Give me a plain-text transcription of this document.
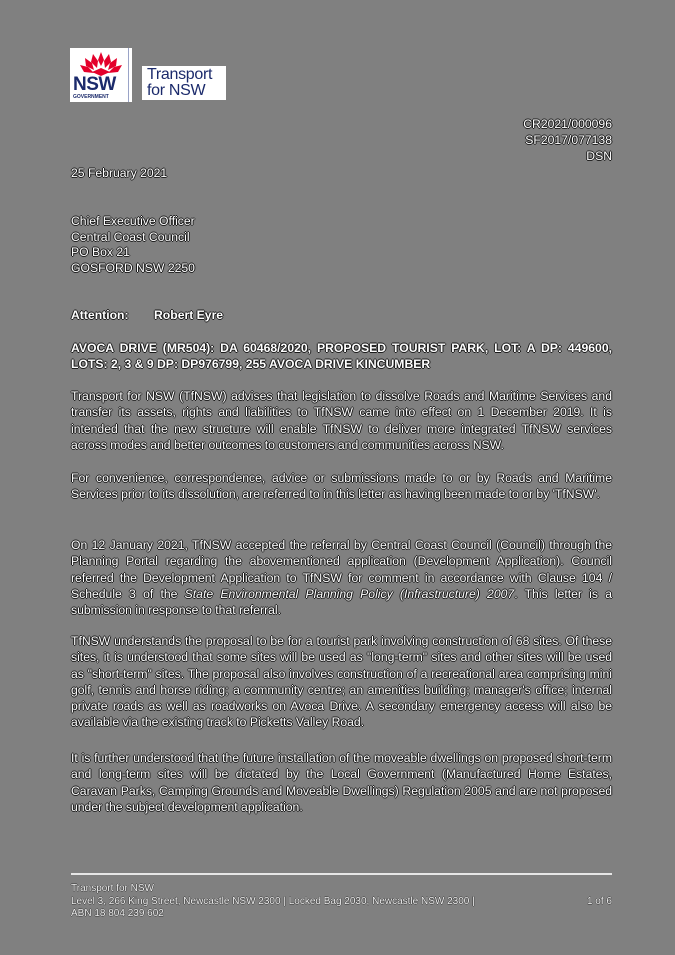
NSW
GOVERNMENT
Transport
for NSW
CR2021/000096
SF2017/077138
DSN
25 February 2021
Chief Executive Officer
Central Coast Council
PO Box 21
GOSFORD NSW 2250
Attention: Robert Eyre
AVOCA DRIVE (MR504): DA 60468/2020, PROPOSED TOURIST PARK, LOT: A DP: 449600, LOTS: 2, 3 & 9 DP: DP976799, 255 AVOCA DRIVE KINCUMBER
Transport for NSW (TfNSW) advises that legislation to dissolve Roads and Maritime Services and transfer its assets, rights and liabilities to TfNSW came into effect on 1 December 2019. It is intended that the new structure will enable TfNSW to deliver more integrated TfNSW services across modes and better outcomes to customers and communities across NSW.
For convenience, correspondence, advice or submissions made to or by Roads and Maritime Services prior to its dissolution, are referred to in this letter as having been made to or by 'TfNSW'.
On 12 January 2021, TfNSW accepted the referral by Central Coast Council (Council) through the Planning Portal regarding the abovementioned application (Development Application). Council referred the Development Application to TfNSW for comment in accordance with Clause 104 / Schedule 3 of the State Environmental Planning Policy (Infrastructure) 2007. This letter is a submission in response to that referral.
TfNSW understands the proposal to be for a tourist park involving construction of 68 sites. Of these sites, it is understood that some sites will be used as "long-term" sites and other sites will be used as "short-term" sites. The proposal also involves construction of a recreational area comprising mini golf, tennis and horse riding; a community centre; an amenities building; manager's office; internal private roads as well as roadworks on Avoca Drive. A secondary emergency access will also be available via the existing track to Picketts Valley Road.
It is further understood that the future installation of the moveable dwellings on proposed short-term and long-term sites will be dictated by the Local Government (Manufactured Home Estates, Caravan Parks, Camping Grounds and Moveable Dwellings) Regulation 2005 and are not proposed under the subject development application.
Transport for NSW
Level 3, 266 King Street, Newcastle NSW 2300 | Locked Bag 2030, Newcastle NSW 2300 |
ABN 18 804 239 602
1 of 6
